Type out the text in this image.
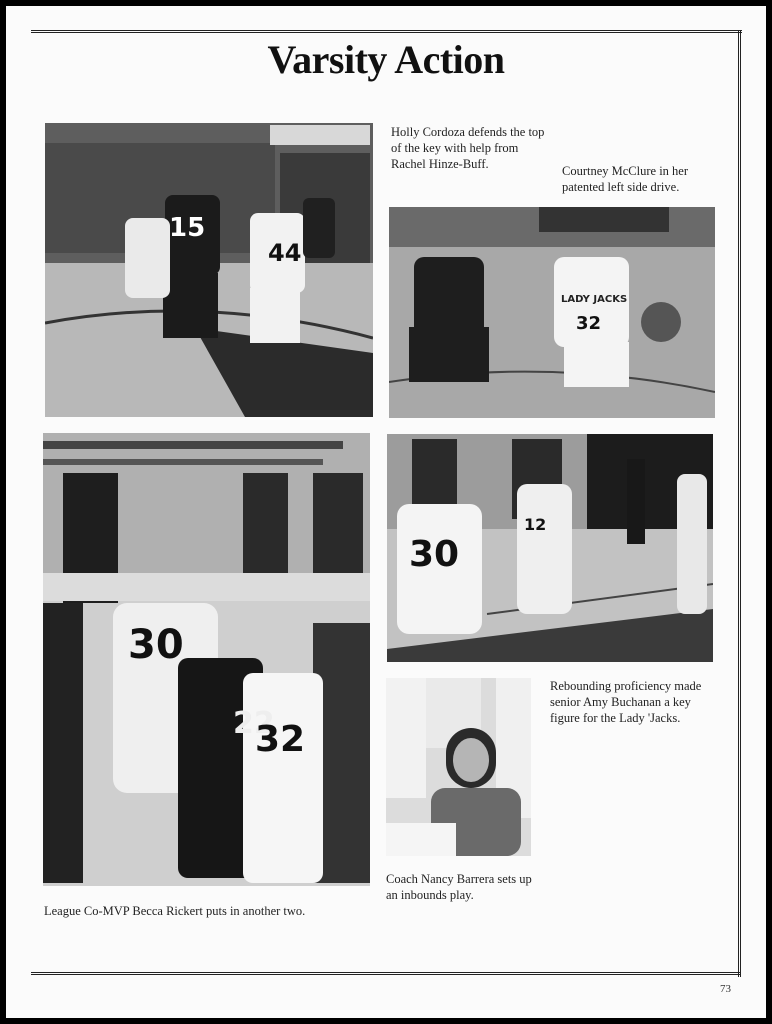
Varsity Action
15
44
Holly Cordoza defends the top of the key with help from Rachel Hinze-Buff.	Courtney McClure in her patented left side drive.
LADY JACKS
32
30
22
32
30
12
Rebounding proficiency made senior Amy Buchanan a key figure for the Lady 'Jacks.
Coach Nancy Barrera sets up an inbounds play.
League Co-MVP Becca Rickert puts in another two.
73
